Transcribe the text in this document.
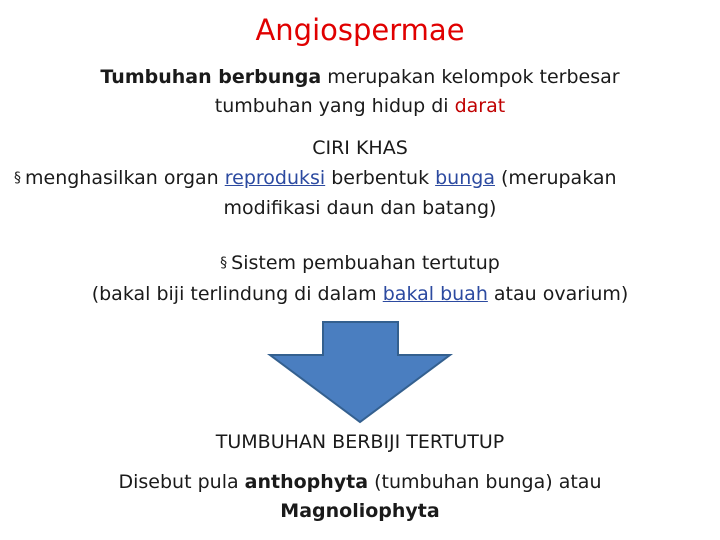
Angiospermae
Tumbuhan berbunga merupakan kelompok terbesar
tumbuhan yang hidup di darat
CIRI KHAS
§ menghasilkan organ reproduksi berbentuk bunga (merupakan
modifikasi daun dan batang)
§ Sistem pembuahan tertutup
(bakal biji terlindung di dalam bakal buah atau ovarium)
TUMBUHAN BERBIJI TERTUTUP
Disebut pula anthophyta (tumbuhan bunga) atau
Magnoliophyta
